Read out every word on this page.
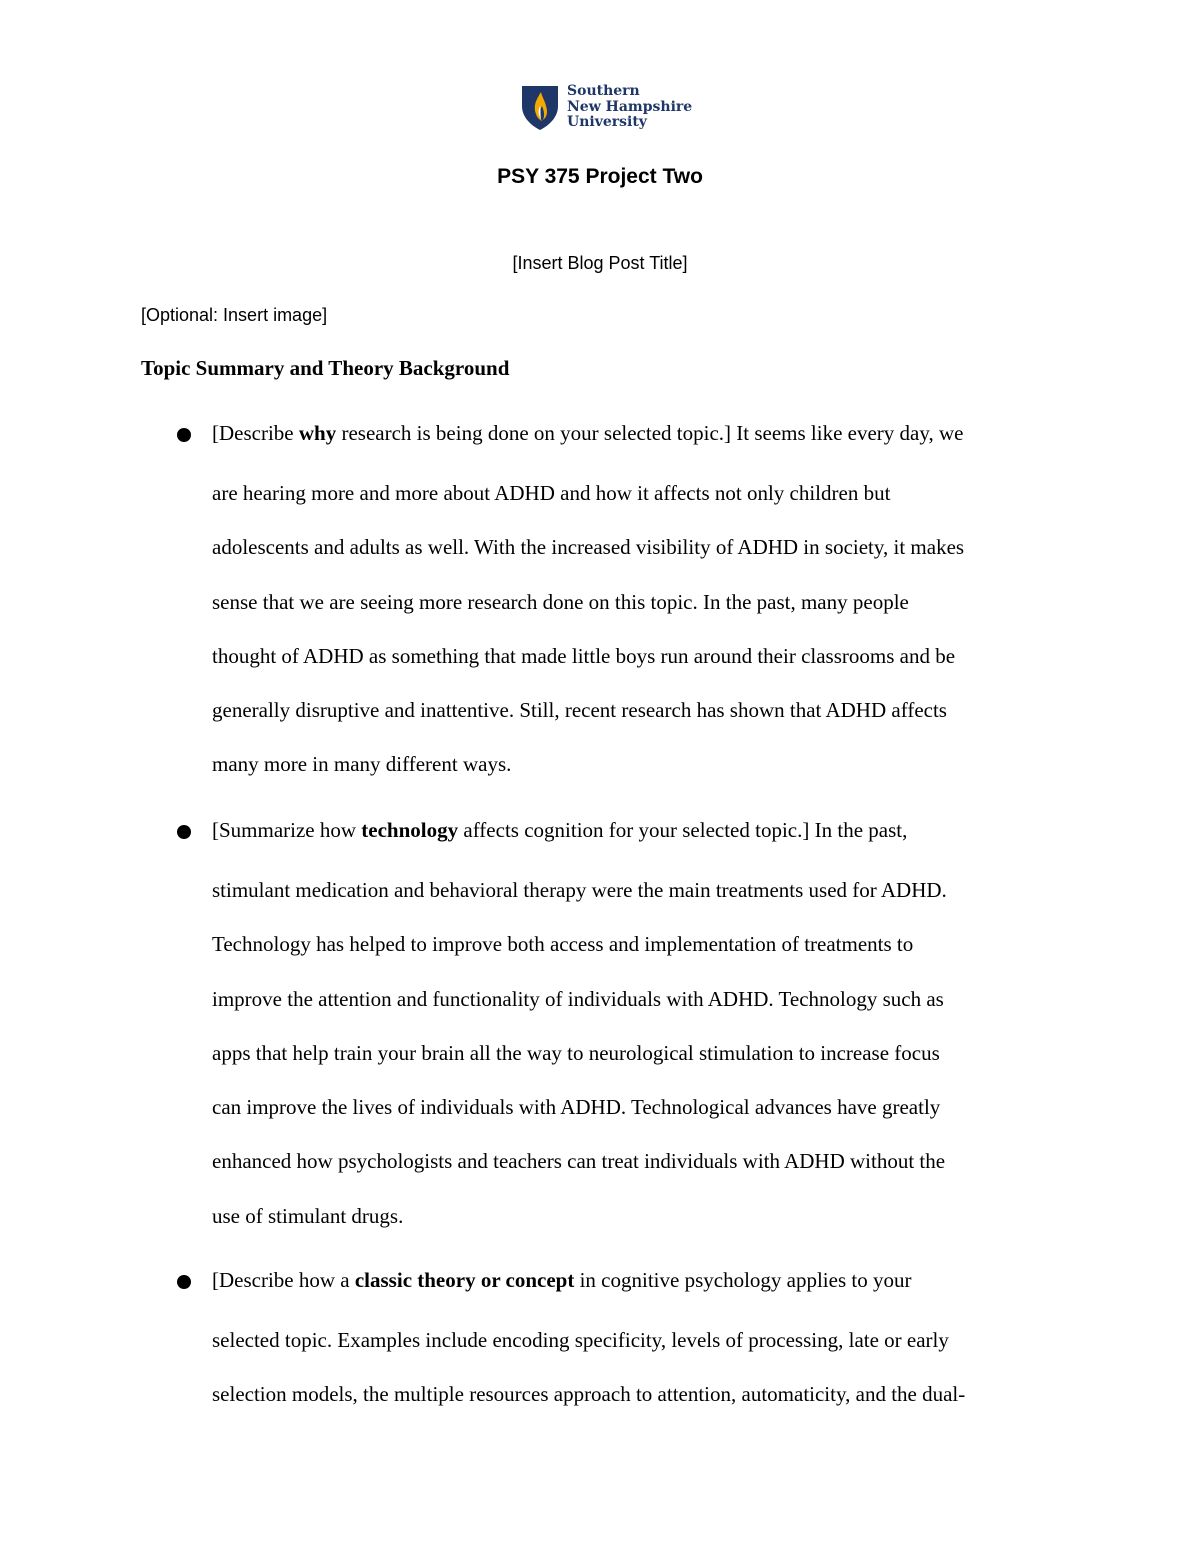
Southern
New Hampshire
University
PSY 375 Project Two
[Insert Blog Post Title]
[Optional: Insert image]
Topic Summary and Theory Background
[Describe why research is being done on your selected topic.] It seems like every day, we
are hearing more and more about ADHD and how it affects not only children but
adolescents and adults as well. With the increased visibility of ADHD in society, it makes
sense that we are seeing more research done on this topic. In the past, many people
thought of ADHD as something that made little boys run around their classrooms and be
generally disruptive and inattentive. Still, recent research has shown that ADHD affects
many more in many different ways.
[Summarize how technology affects cognition for your selected topic.] In the past,
stimulant medication and behavioral therapy were the main treatments used for ADHD.
Technology has helped to improve both access and implementation of treatments to
improve the attention and functionality of individuals with ADHD. Technology such as
apps that help train your brain all the way to neurological stimulation to increase focus
can improve the lives of individuals with ADHD. Technological advances have greatly
enhanced how psychologists and teachers can treat individuals with ADHD without the
use of stimulant drugs.
[Describe how a classic theory or concept in cognitive psychology applies to your
selected topic. Examples include encoding specificity, levels of processing, late or early
selection models, the multiple resources approach to attention, automaticity, and the dual-
